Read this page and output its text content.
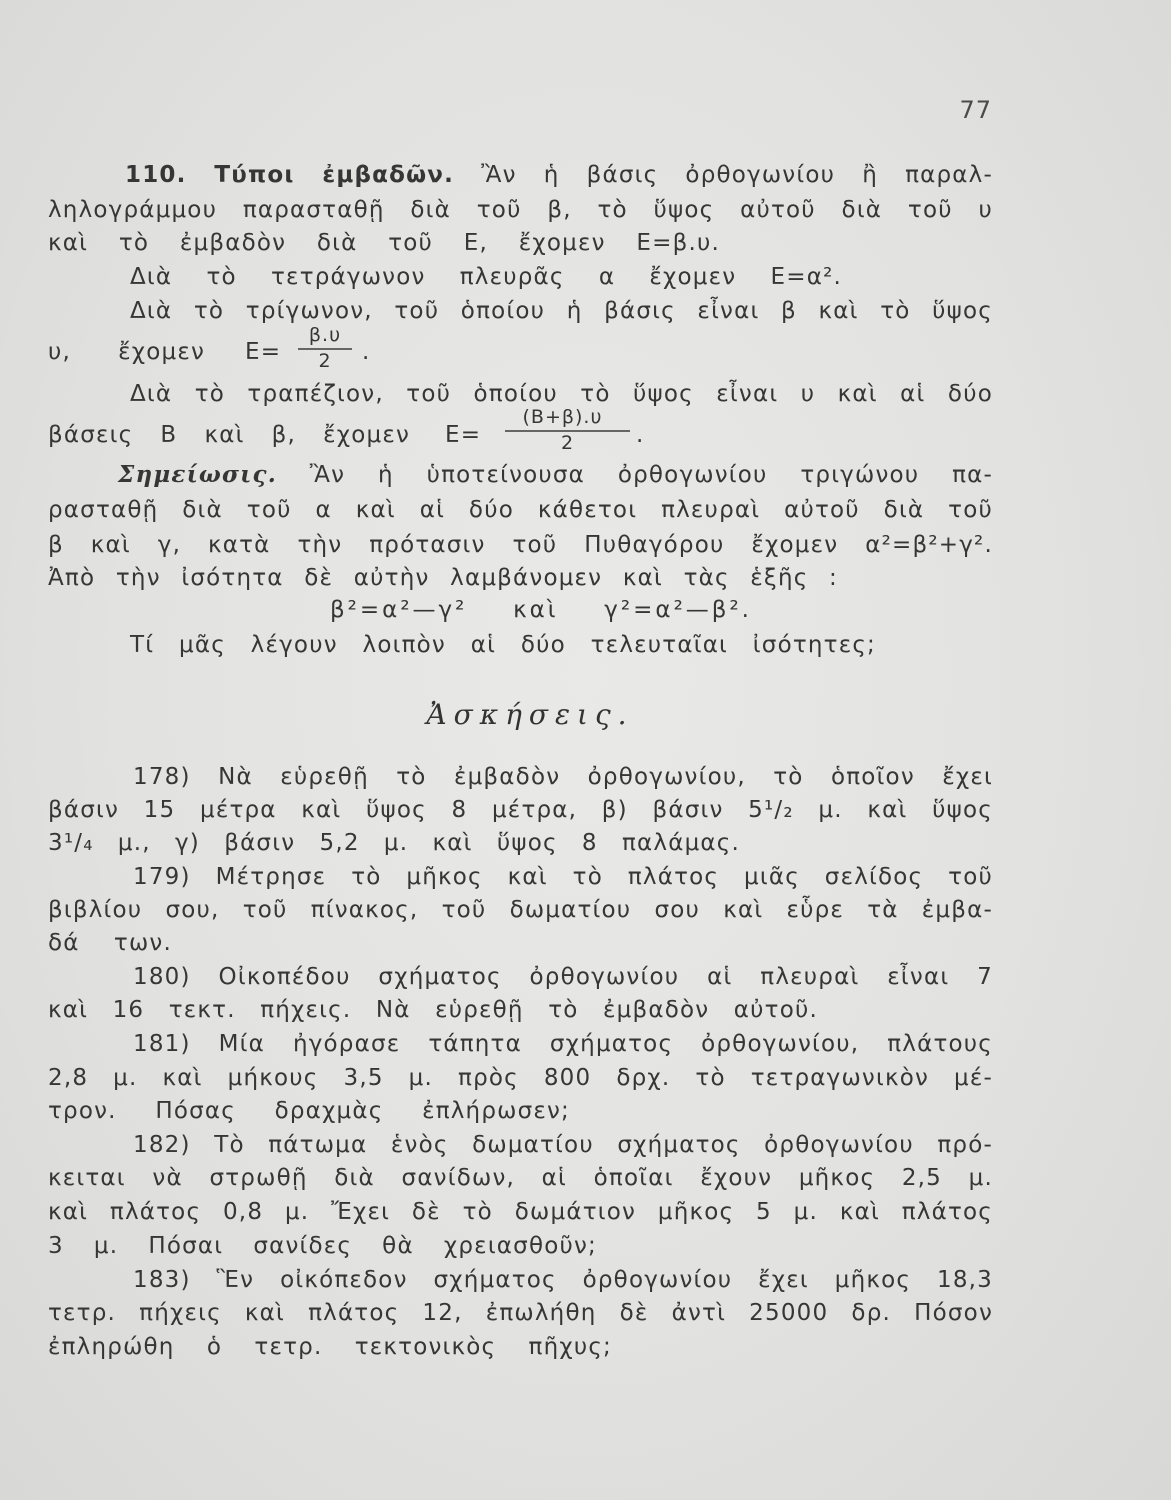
77
110. Τύποι ἐμβαδῶν. Ἂν ἡ βάσις ὀρθογωνίου ἢ παραλ-
ληλογράμμου παρασταθῇ διὰ τοῦ β, τὸ ὕψος αὐτοῦ διὰ τοῦ υ
καὶ τὸ ἐμβαδὸν διὰ τοῦ Ε, ἔχομεν Ε=β.υ.
Διὰ τὸ τετράγωνον πλευρᾶς α ἔχομεν Ε=α².
Διὰ τὸ τρίγωνον, τοῦ ὁποίου ἡ βάσις εἶναι β καὶ τὸ ὕψος
υ, ἔχομεν Ε=
β.υ
2	.
Διὰ τὸ τραπέζιον, τοῦ ὁποίου τὸ ὕψος εἶναι υ καὶ αἱ δύο
βάσεις Β καὶ β, ἔχομεν Ε=
(Β+β).υ
2	.
Σημείωσις. Ἂν ἡ ὑποτείνουσα ὀρθογωνίου τριγώνου πα-
ρασταθῇ διὰ τοῦ α καὶ αἱ δύο κάθετοι πλευραὶ αὐτοῦ διὰ τοῦ
β καὶ γ, κατὰ τὴν πρότασιν τοῦ Πυθαγόρου ἔχομεν α²=β²+γ².
Ἀπὸ τὴν ἰσότητα δὲ αὐτὴν λαμβάνομεν καὶ τὰς ἑξῆς :
β²=α²—γ² καὶ γ²=α²—β².
Τί μᾶς λέγουν λοιπὸν αἱ δύο τελευταῖαι ἰσότητες;
Ἀσκήσεις.
178) Νὰ εὑρεθῇ τὸ ἐμβαδὸν ὀρθογωνίου, τὸ ὁποῖον ἔχει
βάσιν 15 μέτρα καὶ ὕψος 8 μέτρα, β) βάσιν 5¹/₂ μ. καὶ ὕψος
3¹/₄ μ., γ) βάσιν 5,2 μ. καὶ ὕψος 8 παλάμας.
179) Μέτρησε τὸ μῆκος καὶ τὸ πλάτος μιᾶς σελίδος τοῦ
βιβλίου σου, τοῦ πίνακος, τοῦ δωματίου σου καὶ εὗρε τὰ ἐμβα-
δά των.
180) Οἰκοπέδου σχήματος ὀρθογωνίου αἱ πλευραὶ εἶναι 7
καὶ 16 τεκτ. πήχεις. Νὰ εὑρεθῇ τὸ ἐμβαδὸν αὐτοῦ.
181) Μία ἠγόρασε τάπητα σχήματος ὀρθογωνίου, πλάτους
2,8 μ. καὶ μήκους 3,5 μ. πρὸς 800 δρχ. τὸ τετραγωνικὸν μέ-
τρον. Πόσας δραχμὰς ἐπλήρωσεν;
182) Τὸ πάτωμα ἑνὸς δωματίου σχήματος ὀρθογωνίου πρό-
κειται νὰ στρωθῇ διὰ σανίδων, αἱ ὁποῖαι ἔχουν μῆκος 2,5 μ.
καὶ πλάτος 0,8 μ. Ἔχει δὲ τὸ δωμάτιον μῆκος 5 μ. καὶ πλάτος
3 μ. Πόσαι σανίδες θὰ χρειασθοῦν;
183) Ἓν οἰκόπεδον σχήματος ὀρθογωνίου ἔχει μῆκος 18,3
τετρ. πήχεις καὶ πλάτος 12, ἐπωλήθη δὲ ἀντὶ 25000 δρ. Πόσον
ἐπληρώθη ὁ τετρ. τεκτονικὸς πῆχυς;
